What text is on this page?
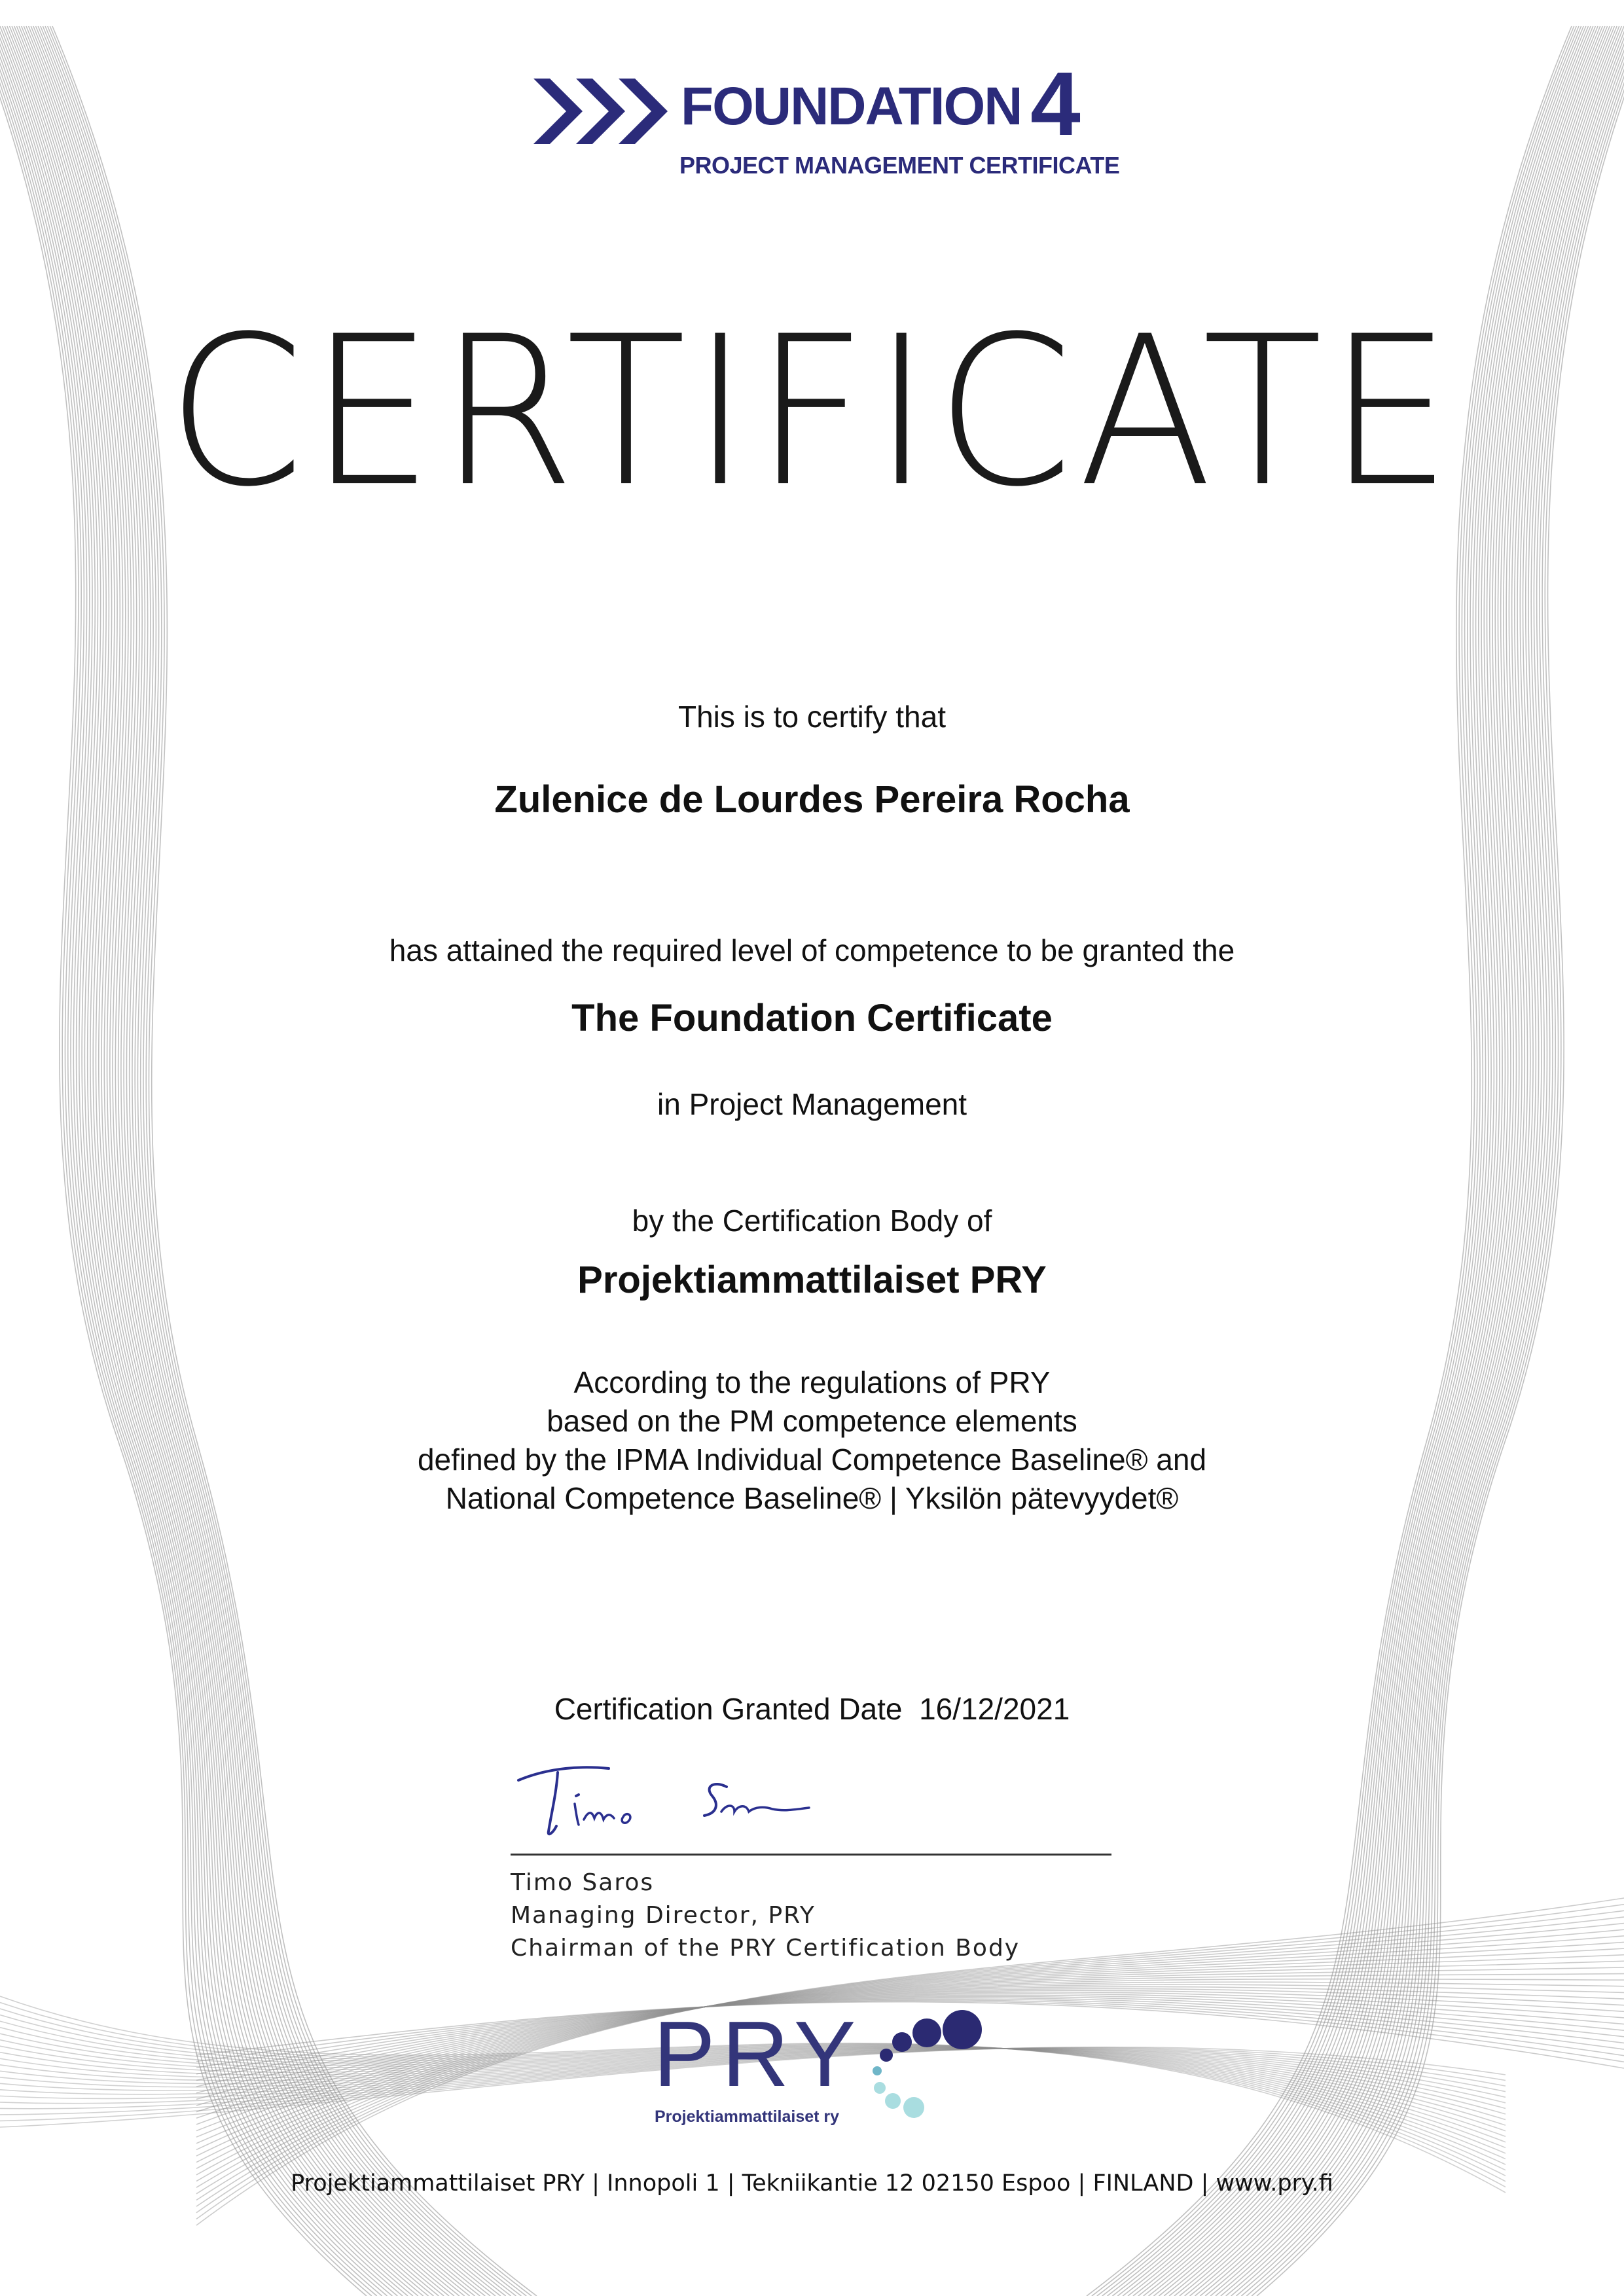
FOUNDATION 4
PROJECT MANAGEMENT CERTIFICATE
CERTIFICATE
This is to certify that
Zulenice de Lourdes Pereira Rocha
has attained the required level of competence to be granted the
The Foundation Certificate
in Project Management
by the Certification Body of
Projektiammattilaiset PRY
According to the regulations of PRY
based on the PM competence elements
defined by the IPMA Individual Competence Baseline® and
National Competence Baseline® | Yksilön pätevyydet®
Certification Granted Date 16/12/2021
Timo Saros
Managing Director, PRY
Chairman of the PRY Certification Body
PRY
Projektiammattilaiset ry
Projektiammattilaiset PRY | Innopoli 1 | Tekniikantie 12 02150 Espoo | FINLAND | www.pry.fi
